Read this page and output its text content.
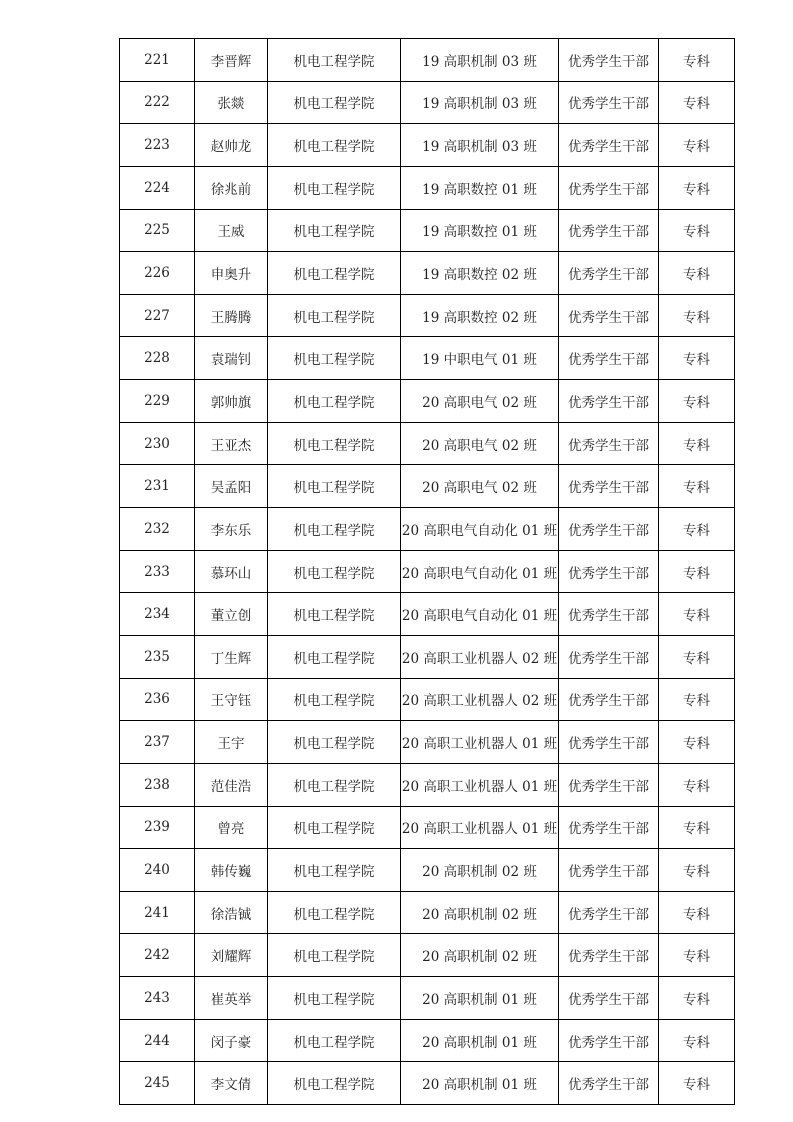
221	李晋辉	机电工程学院	19 高职机制 03 班	优秀学生干部	专科
222	张燚	机电工程学院	19 高职机制 03 班	优秀学生干部	专科
223	赵帅龙	机电工程学院	19 高职机制 03 班	优秀学生干部	专科
224	徐兆前	机电工程学院	19 高职数控 01 班	优秀学生干部	专科
225	王威	机电工程学院	19 高职数控 01 班	优秀学生干部	专科
226	申奥升	机电工程学院	19 高职数控 02 班	优秀学生干部	专科
227	王腾腾	机电工程学院	19 高职数控 02 班	优秀学生干部	专科
228	袁瑞钊	机电工程学院	19 中职电气 01 班	优秀学生干部	专科
229	郭帅旗	机电工程学院	20 高职电气 02 班	优秀学生干部	专科
230	王亚杰	机电工程学院	20 高职电气 02 班	优秀学生干部	专科
231	吴孟阳	机电工程学院	20 高职电气 02 班	优秀学生干部	专科
232	李东乐	机电工程学院	20 高职电气自动化 01 班	优秀学生干部	专科
233	慕环山	机电工程学院	20 高职电气自动化 01 班	优秀学生干部	专科
234	董立创	机电工程学院	20 高职电气自动化 01 班	优秀学生干部	专科
235	丁生辉	机电工程学院	20 高职工业机器人 02 班	优秀学生干部	专科
236	王守钰	机电工程学院	20 高职工业机器人 02 班	优秀学生干部	专科
237	王宇	机电工程学院	20 高职工业机器人 01 班	优秀学生干部	专科
238	范佳浩	机电工程学院	20 高职工业机器人 01 班	优秀学生干部	专科
239	曾亮	机电工程学院	20 高职工业机器人 01 班	优秀学生干部	专科
240	韩传巍	机电工程学院	20 高职机制 02 班	优秀学生干部	专科
241	徐浩铖	机电工程学院	20 高职机制 02 班	优秀学生干部	专科
242	刘耀辉	机电工程学院	20 高职机制 02 班	优秀学生干部	专科
243	崔英举	机电工程学院	20 高职机制 01 班	优秀学生干部	专科
244	闵子豪	机电工程学院	20 高职机制 01 班	优秀学生干部	专科
245	李文倩	机电工程学院	20 高职机制 01 班	优秀学生干部	专科
